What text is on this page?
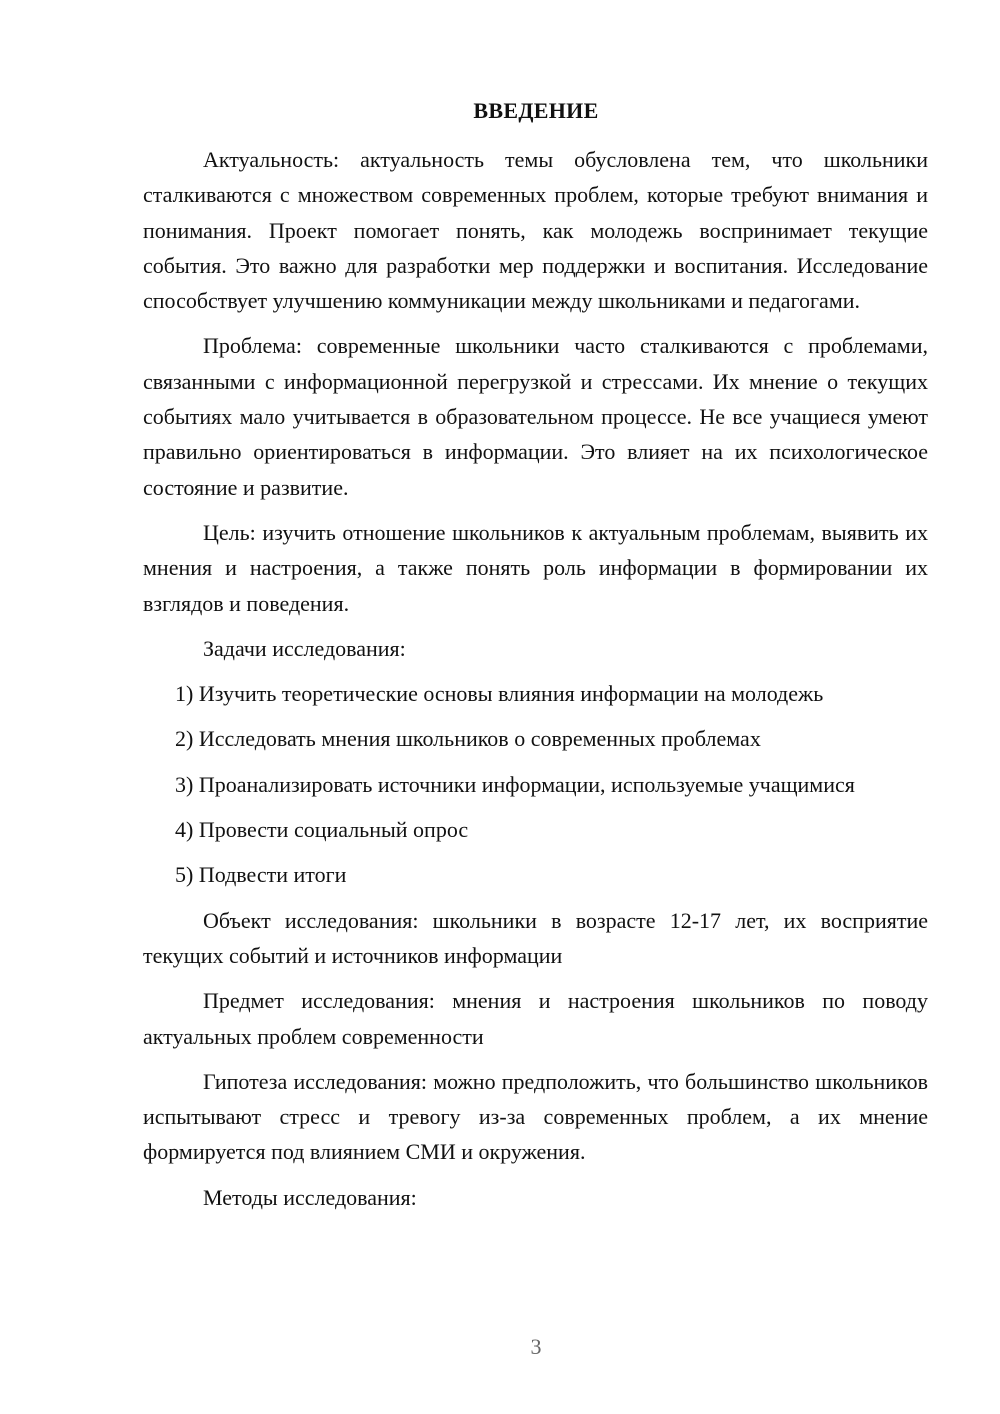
ВВЕДЕНИЕ

Актуальность: актуальность темы обусловлена тем, что школьники сталкиваются с множеством современных проблем, которые требуют внимания и понимания. Проект помогает понять, как молодежь воспринимает текущие события. Это важно для разработки мер поддержки и воспитания. Исследование способствует улучшению коммуникации между школьниками и педагогами.

Проблема: современные школьники часто сталкиваются с проблемами, связанными с информационной перегрузкой и стрессами. Их мнение о текущих событиях мало учитывается в образовательном процессе. Не все учащиеся умеют правильно ориентироваться в информации. Это влияет на их психологическое состояние и развитие.

Цель: изучить отношение школьников к актуальным проблемам, выявить их мнения и настроения, а также понять роль информации в формировании их взглядов и поведения.

Задачи исследования:

1) Изучить теоретические основы влияния информации на молодежь

2) Исследовать мнения школьников о современных проблемах

3) Проанализировать источники информации, используемые учащимися

4) Провести социальный опрос

5) Подвести итоги

Объект исследования: школьники в возрасте 12-17 лет, их восприятие текущих событий и источников информации

Предмет исследования: мнения и настроения школьников по поводу актуальных проблем современности

Гипотеза исследования: можно предположить, что большинство школьников испытывают стресс и тревогу из-за современных проблем, а их мнение формируется под влиянием СМИ и окружения.

Методы исследования:

3
